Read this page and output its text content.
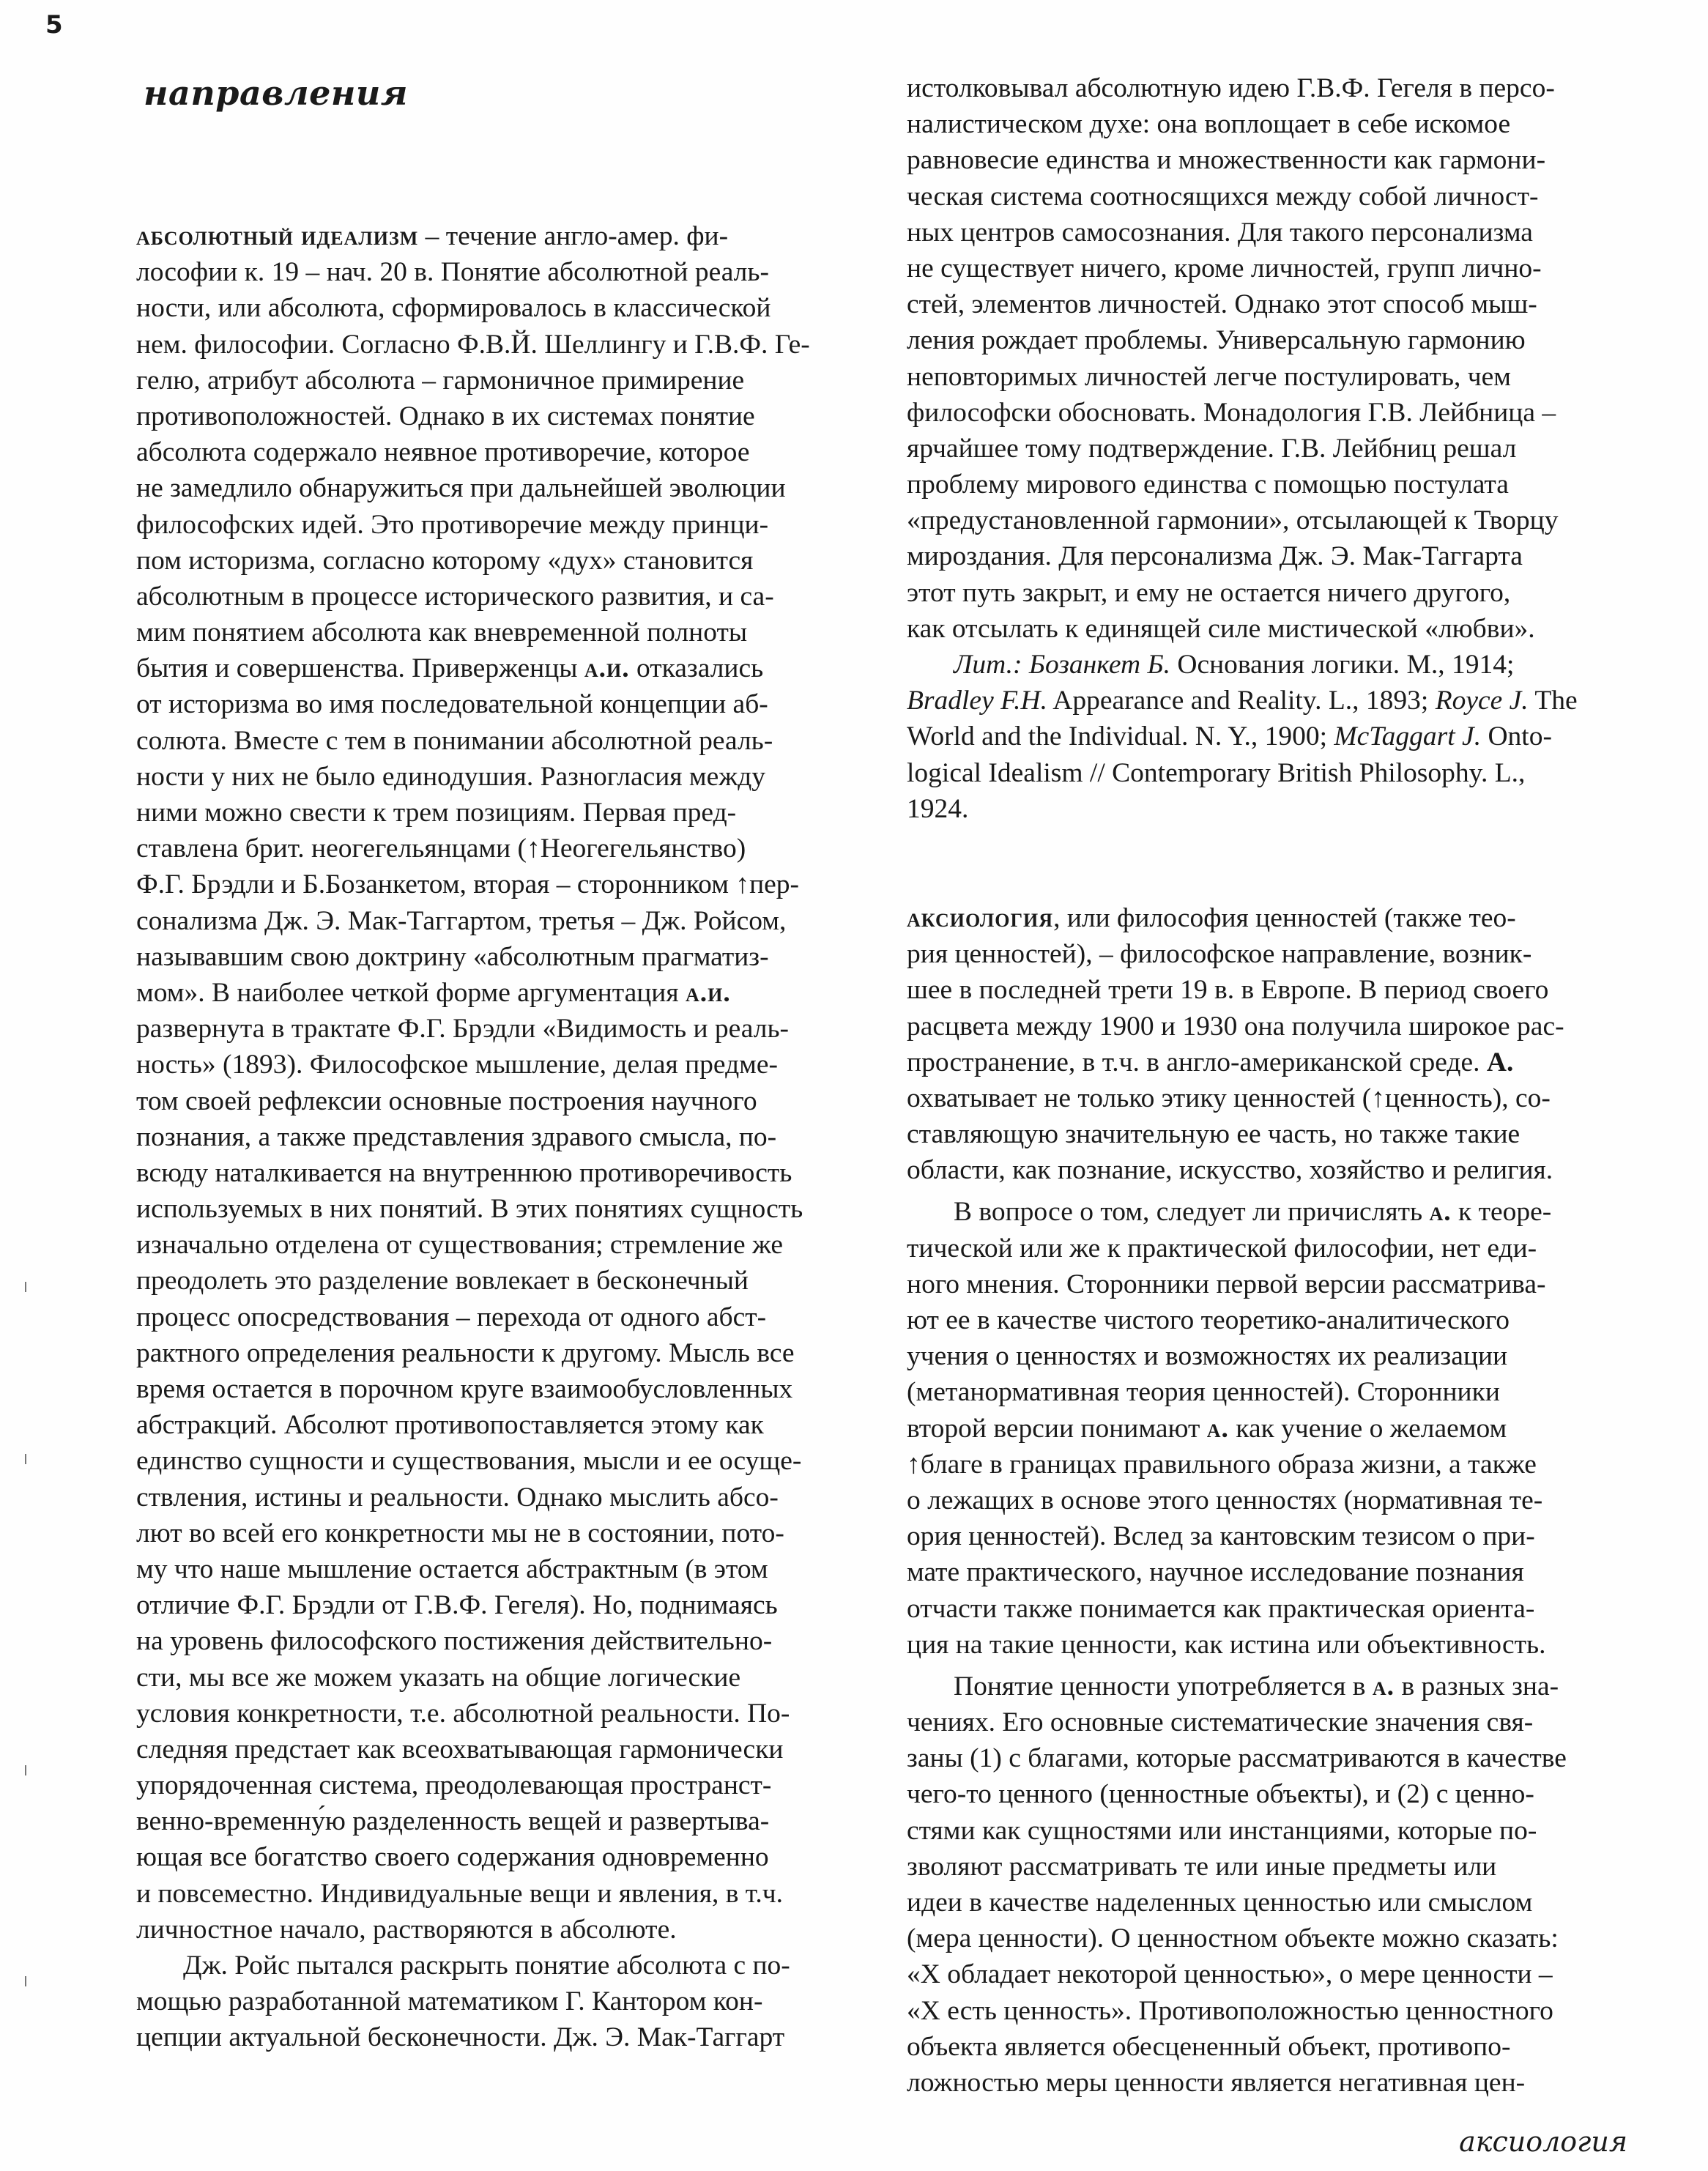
5
направления
абсолютный идеализм – течение англо-амер. фи-
лософии к. 19 – нач. 20 в. Понятие абсолютной реаль-
ности, или абсолюта, сформировалось в классической
нем. философии. Согласно Ф.В.Й. Шеллингу и Г.В.Ф. Ге-
гелю, атрибут абсолюта – гармоничное примирение
противоположностей. Однако в их системах понятие
абсолюта содержало неявное противоречие, которое
не замедлило обнаружиться при дальнейшей эволюции
философских идей. Это противоречие между принци-
пом историзма, согласно которому «дух» становится
абсолютным в процессе исторического развития, и са-
мим понятием абсолюта как вневременной полноты
бытия и совершенства. Приверженцы а.и. отказались
от историзма во имя последовательной концепции аб-
солюта. Вместе с тем в понимании абсолютной реаль-
ности у них не было единодушия. Разногласия между
ними можно свести к трем позициям. Первая пред-
ставлена брит. неогегельянцами (↑Неогегельянство)
Ф.Г. Брэдли и Б.Бозанкетом, вторая – сторонником ↑пер-
сонализма Дж. Э. Мак-Таггартом, третья – Дж. Ройсом,
называвшим свою доктрину «абсолютным прагматиз-
мом». В наиболее четкой форме аргументация а.и.
развернута в трактате Ф.Г. Брэдли «Видимость и реаль-
ность» (1893). Философское мышление, делая предме-
том своей рефлексии основные построения научного
познания, а также представления здравого смысла, по-
всюду наталкивается на внутреннюю противоречивость
используемых в них понятий. В этих понятиях сущность
изначально отделена от существования; стремление же
преодолеть это разделение вовлекает в бесконечный
процесс опосредствования – перехода от одного абст-
рактного определения реальности к другому. Мысль все
время остается в порочном круге взаимообусловленных
абстракций. Абсолют противопоставляется этому как
единство сущности и существования, мысли и ее осуще-
ствления, истины и реальности. Однако мыслить абсо-
лют во всей его конкретности мы не в состоянии, пото-
му что наше мышление остается абстрактным (в этом
отличие Ф.Г. Брэдли от Г.В.Ф. Гегеля). Но, поднимаясь
на уровень философского постижения действительно-
сти, мы все же можем указать на общие логические
условия конкретности, т.е. абсолютной реальности. По-
следняя предстает как всеохватывающая гармонически
упорядоченная система, преодолевающая пространст-
венно-временну́ю разделенность вещей и развертыва-
ющая все богатство своего содержания одновременно
и повсеместно. Индивидуальные вещи и явления, в т.ч.
личностное начало, растворяются в абсолюте.
Дж. Ройс пытался раскрыть понятие абсолюта с по-
мощью разработанной математиком Г. Кантором кон-
цепции актуальной бесконечности. Дж. Э. Мак-Таггарт
истолковывал абсолютную идею Г.В.Ф. Гегеля в персо-
налистическом духе: она воплощает в себе искомое
равновесие единства и множественности как гармони-
ческая система соотносящихся между собой личност-
ных центров самосознания. Для такого персонализма
не существует ничего, кроме личностей, групп лично-
стей, элементов личностей. Однако этот способ мыш-
ления рождает проблемы. Универсальную гармонию
неповторимых личностей легче постулировать, чем
философски обосновать. Монадология Г.В. Лейбница –
ярчайшее тому подтверждение. Г.В. Лейбниц решал
проблему мирового единства с помощью постулата
«предустановленной гармонии», отсылающей к Творцу
мироздания. Для персонализма Дж. Э. Мак-Таггарта
этот путь закрыт, и ему не остается ничего другого,
как отсылать к единящей силе мистической «любви».
Лит.: Бозанкет Б. Основания логики. М., 1914;
Bradley F.H. Appearance and Reality. L., 1893; Royce J. The
World and the Individual. N. Y., 1900; McTaggart J. Onto-
logical Idealism // Contemporary British Philosophy. L.,
1924.
аксиология, или философия ценностей (также тео-
рия ценностей), – философское направление, возник-
шее в последней трети 19 в. в Европе. В период своего
расцвета между 1900 и 1930 она получила широкое рас-
пространение, в т.ч. в англо-американской среде. А.
охватывает не только этику ценностей (↑ценность), со-
ставляющую значительную ее часть, но также такие
области, как познание, искусство, хозяйство и религия.
В вопросе о том, следует ли причислять а. к теоре-
тической или же к практической философии, нет еди-
ного мнения. Сторонники первой версии рассматрива-
ют ее в качестве чистого теоретико-аналитического
учения о ценностях и возможностях их реализации
(метанормативная теория ценностей). Сторонники
второй версии понимают а. как учение о желаемом
↑благе в границах правильного образа жизни, а также
о лежащих в основе этого ценностях (нормативная те-
ория ценностей). Вслед за кантовским тезисом о при-
мате практического, научное исследование познания
отчасти также понимается как практическая ориента-
ция на такие ценности, как истина или объективность.
Понятие ценности употребляется в а. в разных зна-
чениях. Его основные систематические значения свя-
заны (1) с благами, которые рассматриваются в качестве
чего-то ценного (ценностные объекты), и (2) с ценно-
стями как сущностями или инстанциями, которые по-
зволяют рассматривать те или иные предметы или
идеи в качестве наделенных ценностью или смыслом
(мера ценности). О ценностном объекте можно сказать:
«Х обладает некоторой ценностью», о мере ценности –
«Х есть ценность». Противоположностью ценностного
объекта является обесцененный объект, противопо-
ложностью меры ценности является негативная цен-
аксиология
